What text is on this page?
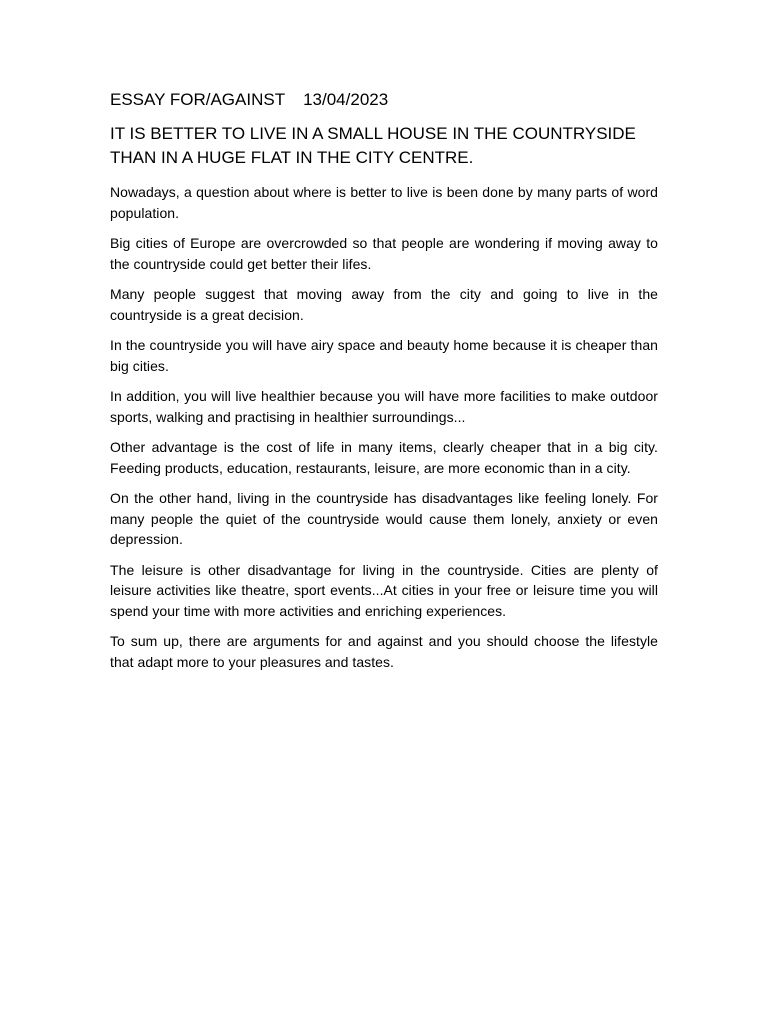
ESSAY FOR/AGAINST 13/04/2023
IT IS BETTER TO LIVE IN A SMALL HOUSE IN THE COUNTRYSIDE THAN IN A HUGE FLAT IN THE CITY CENTRE.

Nowadays, a question about where is better to live is been done by many parts of word population.

Big cities of Europe are overcrowded so that people are wondering if moving away to the countryside could get better their lifes.

Many people suggest that moving away from the city and going to live in the countryside is a great decision.

In the countryside you will have airy space and beauty home because it is cheaper than big cities.

In addition, you will live healthier because you will have more facilities to make outdoor sports, walking and practising in healthier surroundings...

Other advantage is the cost of life in many items, clearly cheaper that in a big city. Feeding products, education, restaurants, leisure, are more economic than in a city.

On the other hand, living in the countryside has disadvantages like feeling lonely. For many people the quiet of the countryside would cause them lonely, anxiety or even depression.

The leisure is other disadvantage for living in the countryside. Cities are plenty of leisure activities like theatre, sport events...At cities in your free or leisure time you will spend your time with more activities and enriching experiences.

To sum up, there are arguments for and against and you should choose the lifestyle that adapt more to your pleasures and tastes.
